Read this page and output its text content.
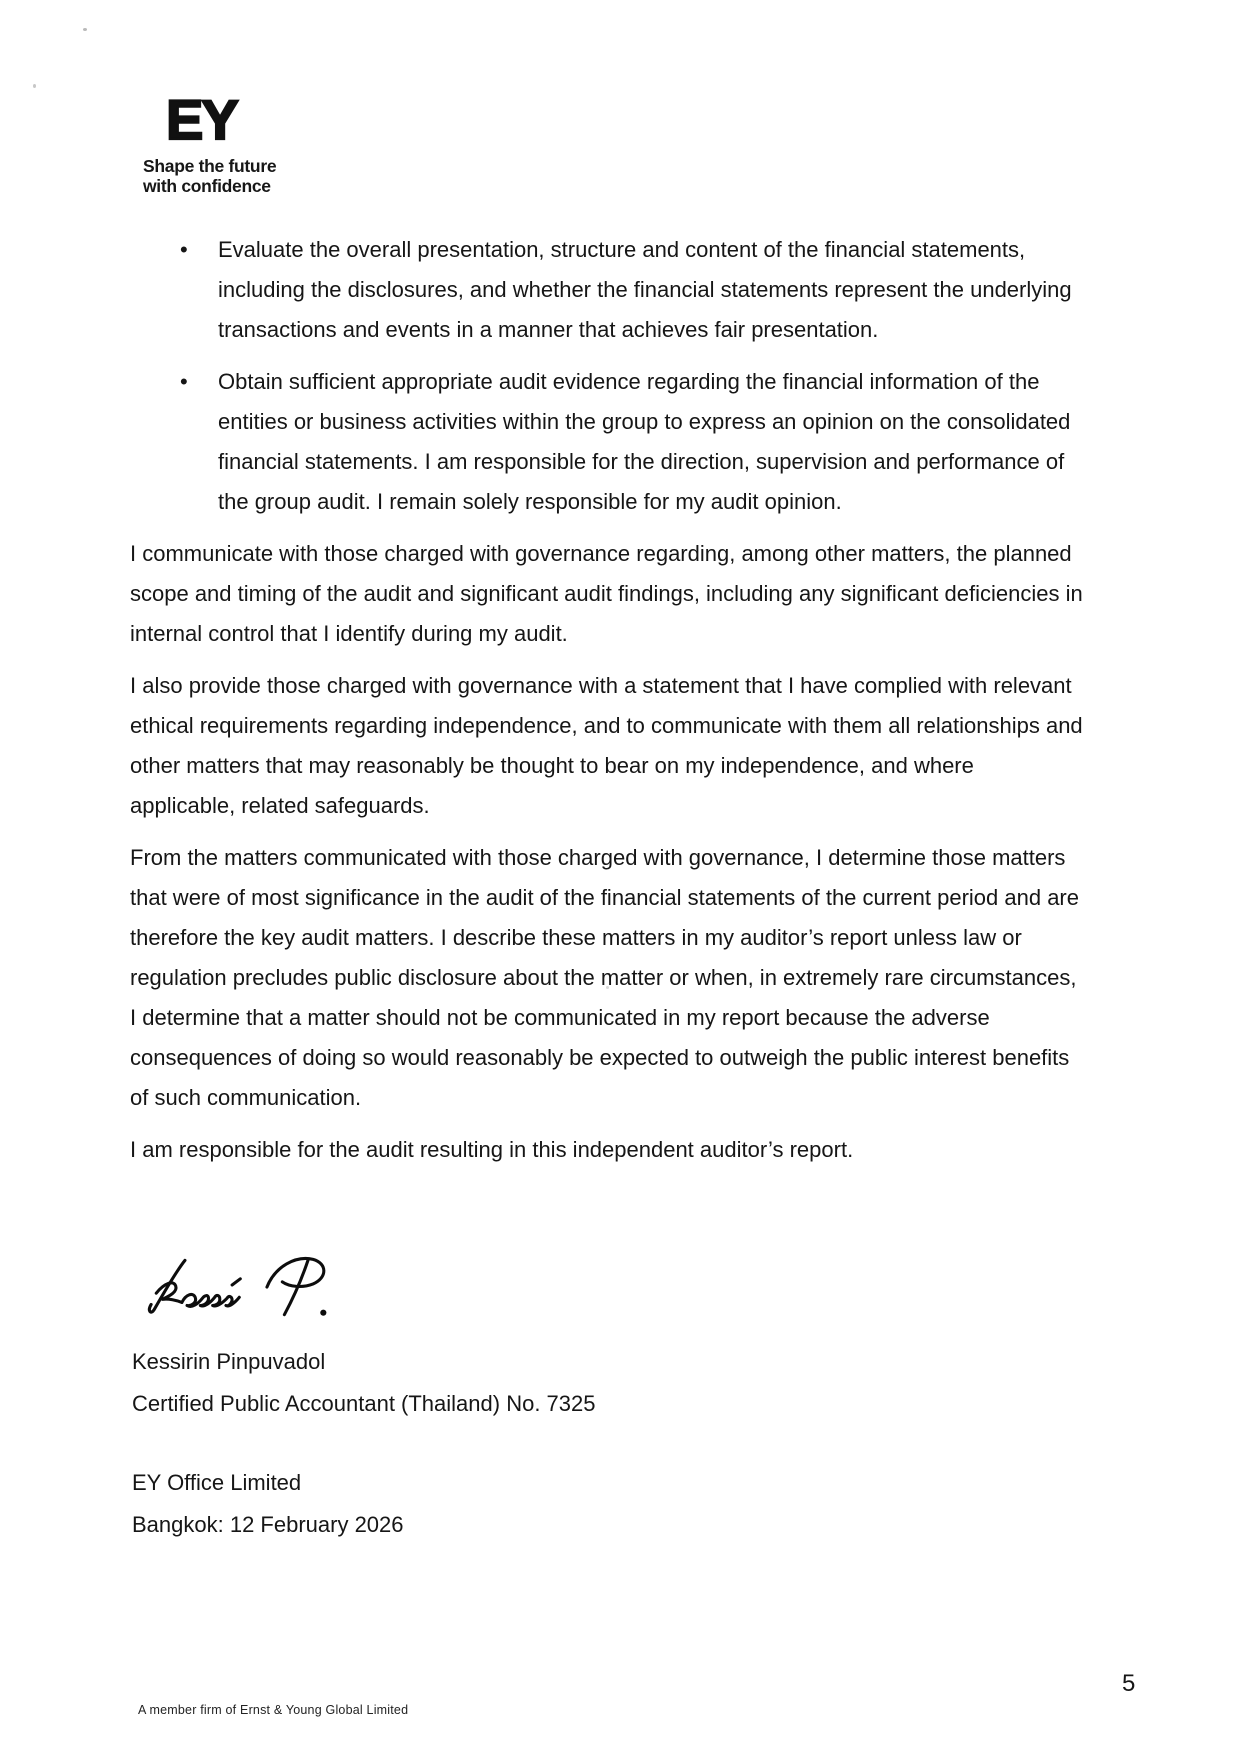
EY
Shape the future
with confidence
• Evaluate the overall presentation, structure and content of the financial statements,
including the disclosures, and whether the financial statements represent the underlying
transactions and events in a manner that achieves fair presentation.
• Obtain sufficient appropriate audit evidence regarding the financial information of the
entities or business activities within the group to express an opinion on the consolidated
financial statements. I am responsible for the direction, supervision and performance of
the group audit. I remain solely responsible for my audit opinion.
I communicate with those charged with governance regarding, among other matters, the planned
scope and timing of the audit and significant audit findings, including any significant deficiencies in
internal control that I identify during my audit.
I also provide those charged with governance with a statement that I have complied with relevant
ethical requirements regarding independence, and to communicate with them all relationships and
other matters that may reasonably be thought to bear on my independence, and where
applicable, related safeguards.
From the matters communicated with those charged with governance, I determine those matters
that were of most significance in the audit of the financial statements of the current period and are
therefore the key audit matters. I describe these matters in my auditor’s report unless law or
regulation precludes public disclosure about the matter or when, in extremely rare circumstances,
I determine that a matter should not be communicated in my report because the adverse
consequences of doing so would reasonably be expected to outweigh the public interest benefits
of such communication.
I am responsible for the audit resulting in this independent auditor’s report.
Kessirin Pinpuvadol
Certified Public Accountant (Thailand) No. 7325
EY Office Limited
Bangkok: 12 February 2026
A member firm of Ernst & Young Global Limited
5
